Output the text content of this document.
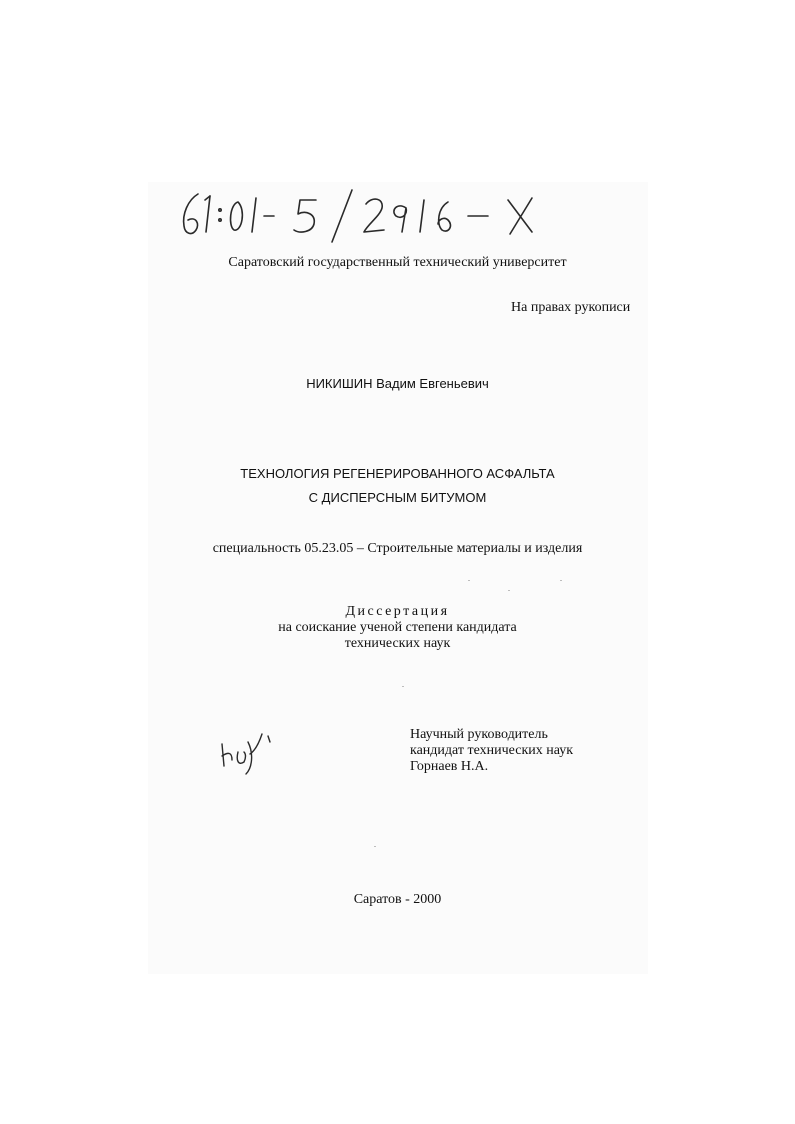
Саратовский государственный технический университет
На правах рукописи
НИКИШИН Вадим Евгеньевич
ТЕХНОЛОГИЯ РЕГЕНЕРИРОВАННОГО АСФАЛЬТА
С ДИСПЕРСНЫМ БИТУМОМ
специальность 05.23.05 – Строительные материалы и изделия
Диссертация
на соискание ученой степени кандидата
технических наук
Научный руководитель
кандидат технических наук
Горнаев Н.А.
Саратов - 2000
